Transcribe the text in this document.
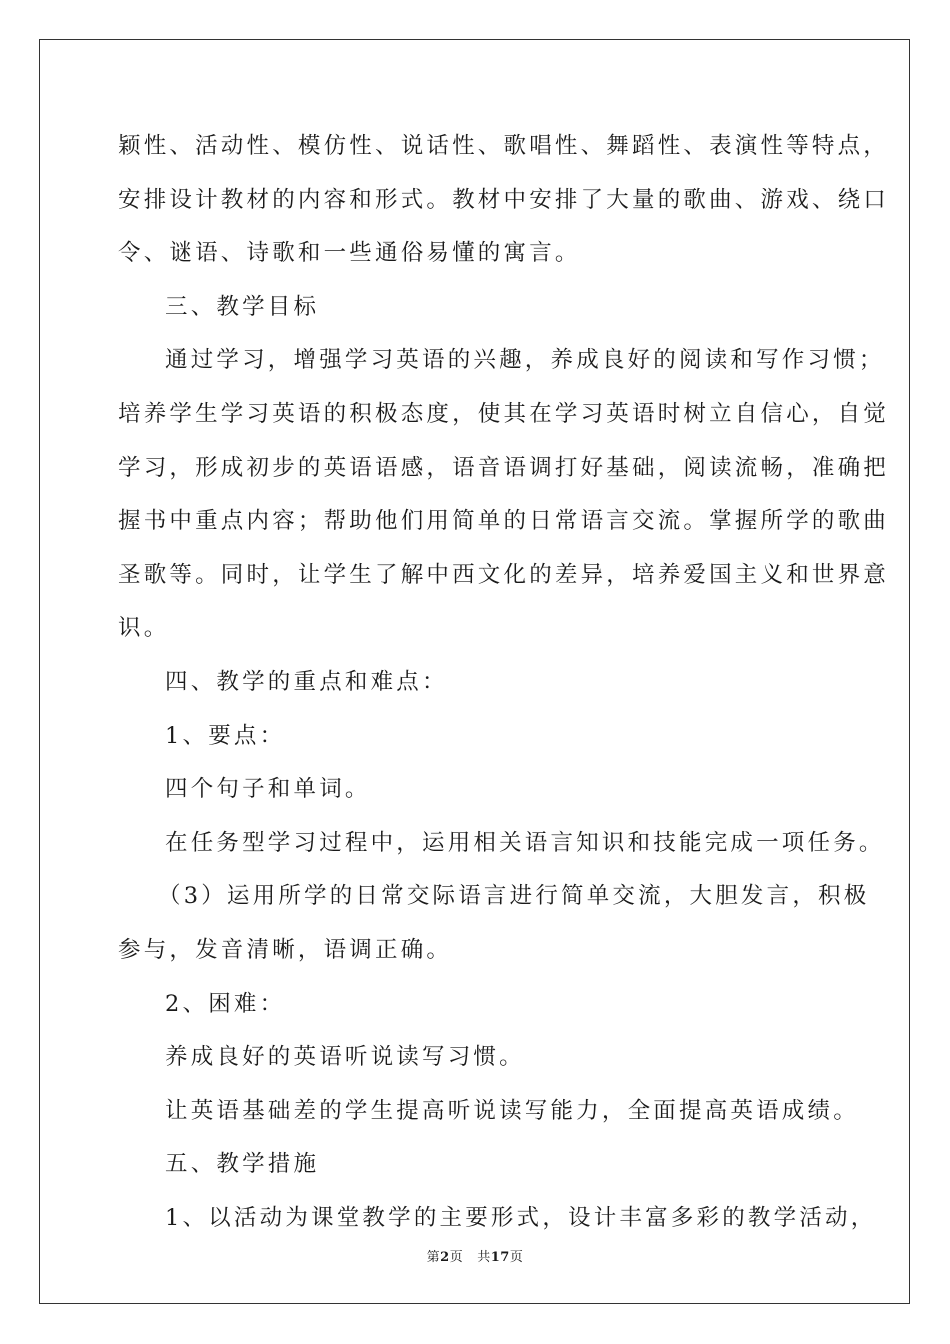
颖性、活动性、模仿性、说话性、歌唱性、舞蹈性、表演性等特点，
安排设计教材的内容和形式。教材中安排了大量的歌曲、游戏、绕口
令、谜语、诗歌和一些通俗易懂的寓言。
三、教学目标
通过学习，增强学习英语的兴趣，养成良好的阅读和写作习惯；
培养学生学习英语的积极态度，使其在学习英语时树立自信心，自觉
学习，形成初步的英语语感，语音语调打好基础，阅读流畅，准确把
握书中重点内容；帮助他们用简单的日常语言交流。掌握所学的歌曲
圣歌等。同时，让学生了解中西文化的差异，培养爱国主义和世界意
识。
四、教学的重点和难点：
1、要点：
四个句子和单词。
在任务型学习过程中，运用相关语言知识和技能完成一项任务。
（3）运用所学的日常交际语言进行简单交流，大胆发言，积极
参与，发音清晰，语调正确。
2、困难：
养成良好的英语听说读写习惯。
让英语基础差的学生提高听说读写能力，全面提高英语成绩。
五、教学措施
1、以活动为课堂教学的主要形式，设计丰富多彩的教学活动，
第2页 共17页
